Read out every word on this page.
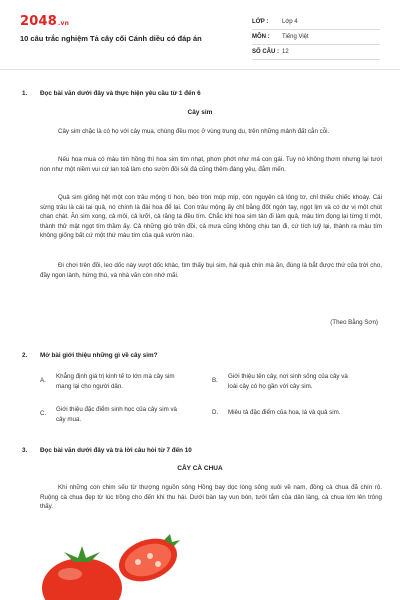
2048.vn
10 câu trắc nghiệm Tả cây cối Cánh diều có đáp án
LỚP :	Lớp 4
MÔN :	Tiếng Việt
SỐ CÂU : 12
1. Đọc bài văn dưới đây và thực hiện yêu cầu từ 1 đến 6
Cây sim
Cây sim chặc là có họ với cây mua, chúng đều mọc ở vùng trung du, trên những mảnh đất cằn cỗi.
Nếu hoa mua có màu tím hồng thì hoa sim tím nhạt, phơn phớt như má con gái. Tuy nó không thơm nhưng lại tươi non như một niềm vui cứ lan toả làm cho sườn đồi sỏi đá cũng thêm đáng yêu, đằm mến.
Quả sim giống hệt một con trâu mộng tí hon, béo tròn múp míp, còn nguyên cả lông tơ, chỉ thiếu chiếc khoáy. Cái sừng trâu là cái tai quả, nó chính là đài hoa để lại. Con trâu mộng ấy chỉ bằng đốt ngón tay, ngọt lịm và có dư vị một chút chan chát. Ăn sim xong, cả môi, cả lưỡi, cả răng ta đều tím. Chắc khi hoa sim tàn đi làm quả, màu tím đọng lại từng tí một, thành thử mật ngọt tím thầm ấy. Cả những gió trên đồi, cả mưa cũng không chịu tan đi, cứ tích luỹ lại, thành ra màu tím không giống bất cứ một thứ màu tím của quả vườn nào.
Đi chơi trên đồi, leo dốc này vượt dốc khác, tìm thấy bụi sim, hái quả chín mà ăn, đúng là bắt được thứ của trời cho, đầy ngon lành, hứng thú, và nhà văn còn nhớ mãi.
(Theo Bằng Sơn)
2. Mở bài giới thiệu những gì về cây sim?
A.
Khẳng định giá trị kinh tế to lớn mà cây sim mang lại cho người dân.
B.
Giới thiệu tên cây, nơi sinh sống của cây và loài cây có họ gần với cây sim.
C.
Giới thiệu đặc điểm sinh học của cây sim và cây mua.
D.	Miêu tả đặc điểm của hoa, lá và quả sim.
3. Đọc bài văn dưới đây và trả lời câu hỏi từ 7 đến 10
CÂY CÀ CHUA
Khi những con chim sếu từ thượng nguồn sông Hồng bay dọc lòng sông xuôi về nam, đồng cà chua đã chín rộ. Ruộng cà chua đẹp từ lúc trồng cho đến khi thu hái. Dưới bàn tay vun bón, tưới tắm của dân làng, cà chua lớn lên trông thấy.
